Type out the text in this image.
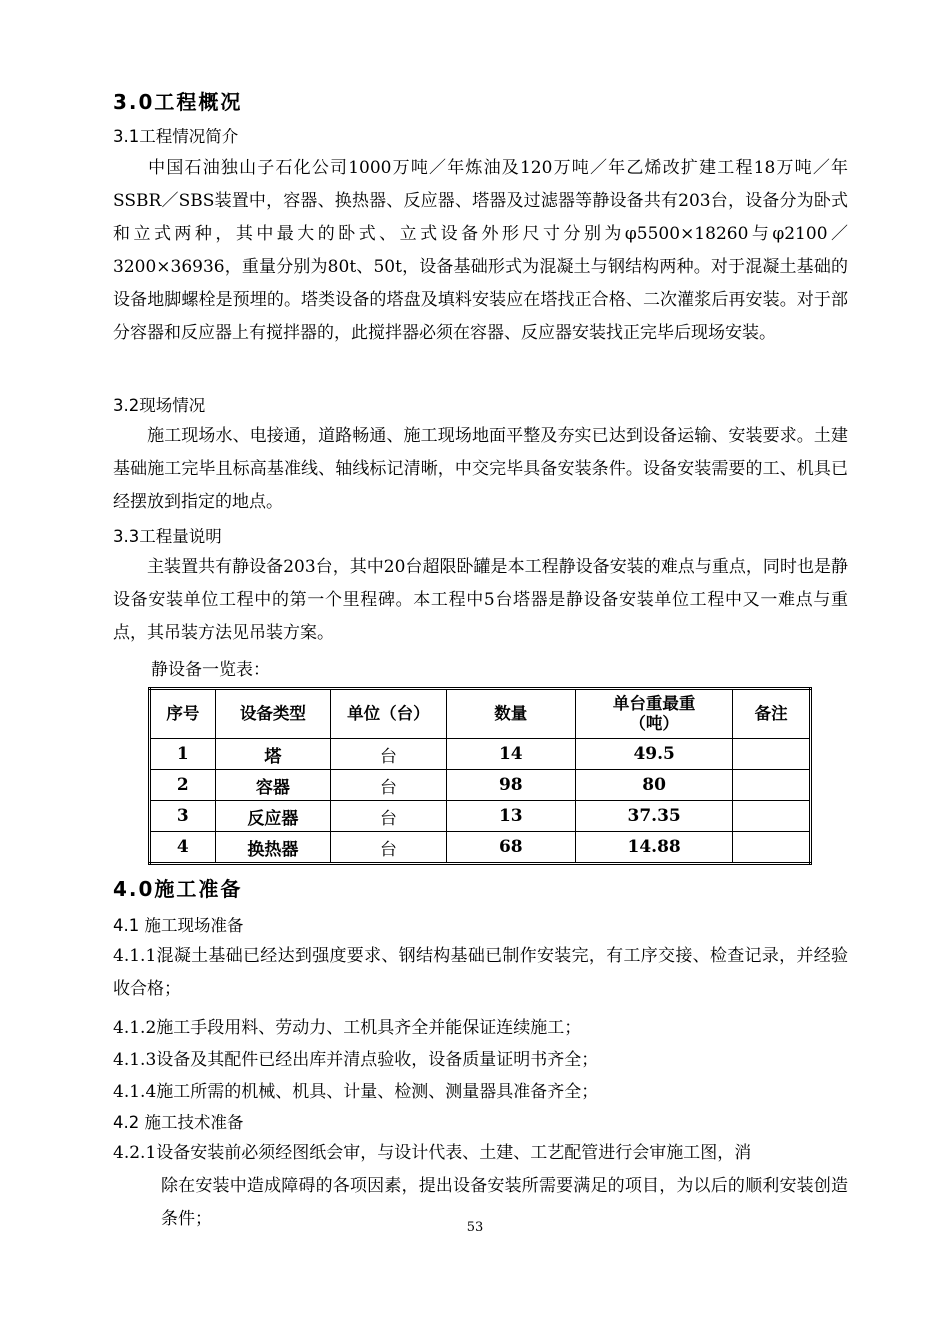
3.0工程概况
3.1工程情况简介
中国石油独山子石化公司1000万吨／年炼油及120万吨／年乙烯改扩建工程18万吨／年SSBR／SBS装置中，容器、换热器、反应器、塔器及过滤器等静设备共有203台，设备分为卧式和立式两种，其中最大的卧式、立式设备外形尺寸分别为φ5500×18260与φ2100／3200×36936，重量分别为80t、50t，设备基础形式为混凝土与钢结构两种。对于混凝土基础的设备地脚螺栓是预埋的。塔类设备的塔盘及填料安装应在塔找正合格、二次灌浆后再安装。对于部分容器和反应器上有搅拌器的，此搅拌器必须在容器、反应器安装找正完毕后现场安装。
3.2现场情况
施工现场水、电接通，道路畅通、施工现场地面平整及夯实已达到设备运输、安装要求。土建基础施工完毕且标高基准线、轴线标记清晰，中交完毕具备安装条件。设备安装需要的工、机具已经摆放到指定的地点。
3.3工程量说明
主装置共有静设备203台，其中20台超限卧罐是本工程静设备安装的难点与重点，同时也是静设备安装单位工程中的第一个里程碑。本工程中5台塔器是静设备安装单位工程中又一难点与重点，其吊装方法见吊装方案。
静设备一览表：
序号	设备类型	单位（台）	数量	单台重最重
（吨）	备注
1	塔	台	14	49.5	
2	容器	台	98	80	
3	反应器	台	13	37.35	
4	换热器	台	68	14.88	
4.0施工准备
4.1 施工现场准备
4.1.1混凝土基础已经达到强度要求、钢结构基础已制作安装完，有工序交接、检查记录，并经验收合格；
4.1.2施工手段用料、劳动力、工机具齐全并能保证连续施工；
4.1.3设备及其配件已经出库并清点验收，设备质量证明书齐全；
4.1.4施工所需的机械、机具、计量、检测、测量器具准备齐全；
4.2 施工技术准备
4.2.1设备安装前必须经图纸会审，与设计代表、土建、工艺配管进行会审施工图，消
除在安装中造成障碍的各项因素，提出设备安装所需要满足的项目，为以后的顺利安装创造条件；	53
